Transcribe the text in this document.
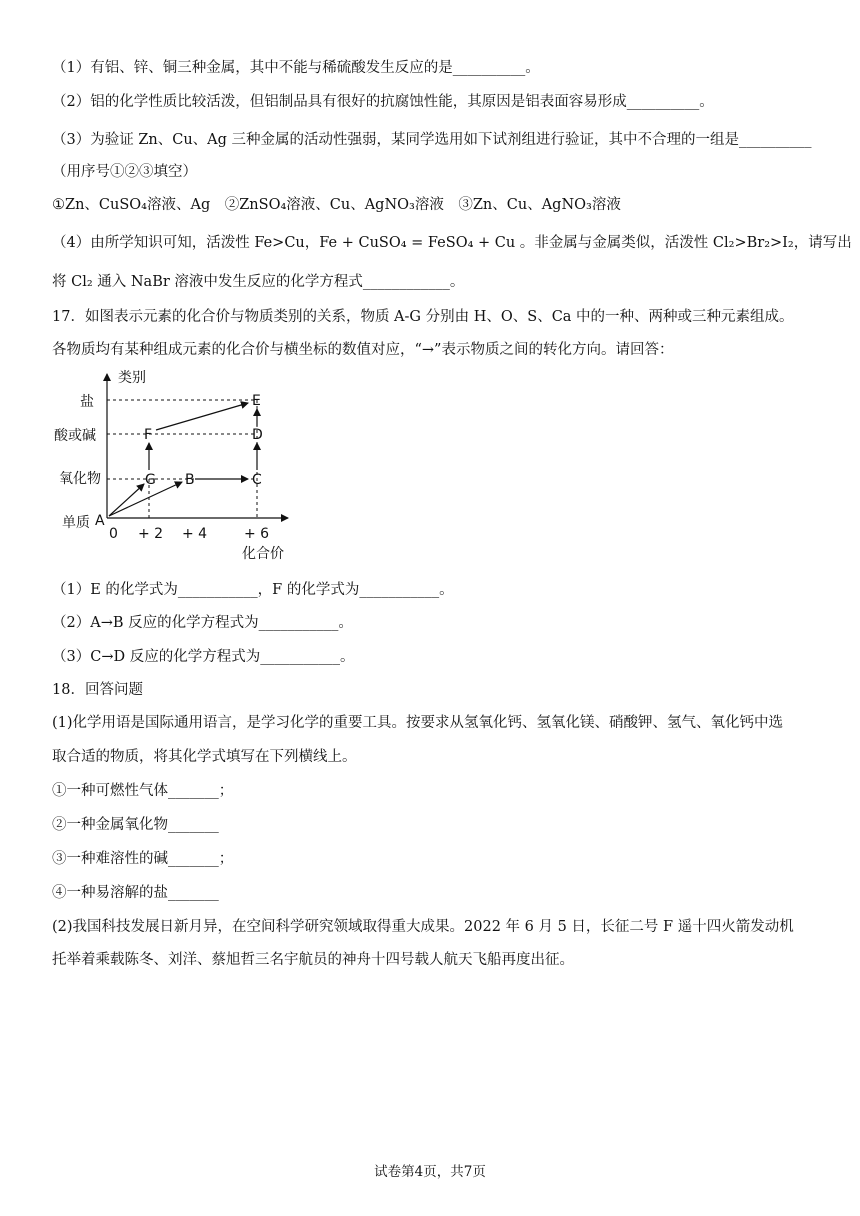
（1）有铝、锌、铜三种金属，其中不能与稀硫酸发生反应的是__________。
（2）铝的化学性质比较活泼，但铝制品具有很好的抗腐蚀性能，其原因是铝表面容易形成__________。
（3）为验证 Zn、Cu、Ag 三种金属的活动性强弱，某同学选用如下试剂组进行验证，其中不合理的一组是__________
（用序号①②③填空）
①Zn、CuSO₄溶液、Ag　②ZnSO₄溶液、Cu、AgNO₃溶液　③Zn、Cu、AgNO₃溶液
（4）由所学知识可知，活泼性 Fe>Cu，Fe + CuSO₄ = FeSO₄ + Cu 。非金属与金属类似，活泼性 Cl₂>Br₂>I₂，请写出
将 Cl₂ 通入 NaBr 溶液中发生反应的化学方程式____________。
17．如图表示元素的化合价与物质类别的关系，物质 A-G 分别由 H、O、S、Ca 中的一种、两种或三种元素组成。
各物质均有某种组成元素的化合价与横坐标的数值对应，“→”表示物质之间的转化方向。请回答：
类别
化合价
盐
酸或碱
氧化物
单质
0 + 2 + 4	+ 6
A
B	C
D
E
F
G
（1）E 的化学式为___________，F 的化学式为___________。
（2）A→B 反应的化学方程式为___________。
（3）C→D 反应的化学方程式为___________。
18．回答问题
(1)化学用语是国际通用语言，是学习化学的重要工具。按要求从氢氧化钙、氢氧化镁、硝酸钾、氢气、氧化钙中选
取合适的物质，将其化学式填写在下列横线上。
①一种可燃性气体_______；
②一种金属氧化物_______
③一种难溶性的碱_______；
④一种易溶解的盐_______
(2)我国科技发展日新月异，在空间科学研究领域取得重大成果。2022 年 6 月 5 日，长征二号 F 遥十四火箭发动机
托举着乘载陈冬、刘洋、蔡旭哲三名宇航员的神舟十四号载人航天飞船再度出征。
试卷第4页，共7页
